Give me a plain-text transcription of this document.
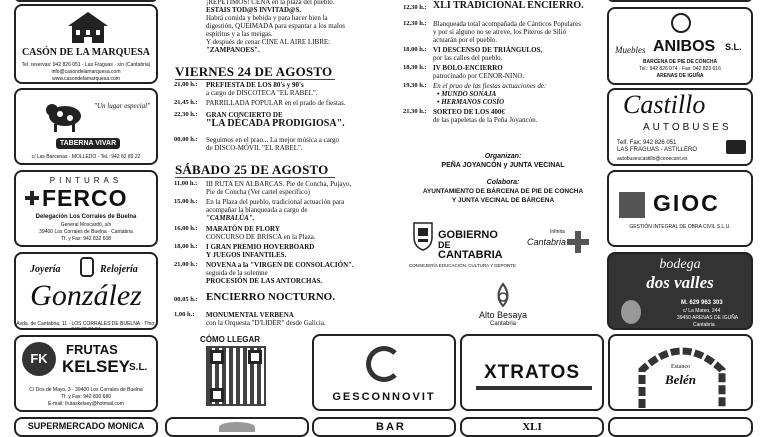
CASÓN DE LA MARQUESA
Tel. reservas: 942 826 051 · Las Fraguas · s/n (Cantabria)
info@casondelamarquesa.com
www.casondelamarquesa.com
"Un lugar especial"
TABERNA VIVAR
c/ Las Barcenas · MOLLEDO · Tel.: 942 82 89 22
PINTURAS
FERCO
Delegación Los Corrales de Buelna
General Moscardó, s/n
39400 Los Corrales de Buelna · Cantabria
Tf. y Fax: 942 832 608
Joyería	Relojería
González
Avda. de Cantabria, 11 · LOS CORRALES DE BUELNA · Tfno: 942 83 21 24
FK
FRUTAS
KELSEY
S.L.
C/ Dos de Mayo, 3 · 39400 Los Corrales de Buelna
Tf. y Fax: 942 830 680
E-mail: frutaskelsey@hotmail.com
SUPERMERCADO MONICA
¡REPETIMOS! CENA en la plaza del pueblo.
ESTAIS TOD@S INVITAD@S.
Habrá comida y bebida y para hacer bien la
digestión, QUEIMADA para espantar a los malos
espíritus y a las meigas.
Y después de cenar CINE AL AIRE LIBRE:
"ZAMPANOES".
VIERNES 24 DE AGOSTO
21,00 h.: PREFIESTA DE LOS 80's y 90's
a cargo de DISCOTECA "EL RABEL".
21,45 h.: PARRILLADA POPULAR en el prado de fiestas.
22,30 h.: GRAN CONCIERTO DE
"LA DÉCADA PRODIGIOSA".
00,00 h.: Seguimos en el prao... La mejor música a cargo
de DISCO-MÓVIL "EL RABEL".
SÁBADO 25 DE AGOSTO
11,00 h.: III RUTA EN ALBARCAS. Pie de Concha, Pujayo,
Pie de Concha (Ver cartel específico)
15,00 h.: En la Plaza del pueblo, tradicional actuación para
acompañar la blanqueada a cargo de
"CAMBALÚA".
16,00 h.: MARATÓN DE FLORY
CONCURSO DE BRISCA en la Plaza.
18,00 h.: I GRAN PREMIO HOVERBOARD
Y JUEGOS INFANTILES.
21,00 h.: NOVENA a la "VIRGEN DE CONSOLACIÓN".
seguida de la solemne
PROCESIÓN DE LAS ANTORCHAS.
00,05 h.: ENCIERRO NOCTURNO.
1,00 h.: MONUMENTAL VERBENA
con la Orquesta "D'LIDER" desde Galicia.
12,30 h.: XLI TRADICIONAL ENCIERRO.
12,30 h.: Blanqueada total acompañada de Cánticos Populares
y por si alguno no se atreve, los Piteros de Silió
actuarán por el pueblo.
18,00 h.: VI DESCENSO DE TRIÁNGULOS,
por las calles del pueblo.
18,30 h.: IV BOLO-ENCIERRO
patrocinado por CENOR-NINO.
19,30 h.: En el prao de las fiestas actuaciones de:
• MUNDO SONAJA
• HERMANOS COSÍO
21,30 h.: SORTEO DE LOS 400€
de las papeletas de la Peña Joyancón.
Organizan:
PEÑA JOYANCÓN y JUNTA VECINAL
Colabora:
AYUNTAMIENTO DE BÁRCENA DE PIE DE CONCHA
Y JUNTA VECINAL DE BÁRCENA
GOBIERNO
DE
CANTABRIA
CONSEJERÍA EDUCACIÓN, CULTURA Y DEPORTE
Cantabria
Infinita
Alto Besaya
Cantabria
CÓMO LLEGAR
GESCONNOVIT
XTRATOS	Estanco
Belén
BAR	XLI
Muebles ANIBOS S.L.
BARCENA DE PIE DE CONCHA
Tel.: 942 826 074 · Fax: 942 823 616
ARENAS DE IGUÑA
Castillo
AUTOBUSES
Telf. Fax: 942 826 051
LAS FRAGUAS - ASTILLERO
autobusescastillo@ceoecant.es
GIOC
GESTIÓN INTEGRAL DE OBRA CIVIL S.L.U.
bodega
dos valles
M. 629 963 303
c/ La Mateo, 244
39450 ARENAS DE IGUÑA
Cantabria
